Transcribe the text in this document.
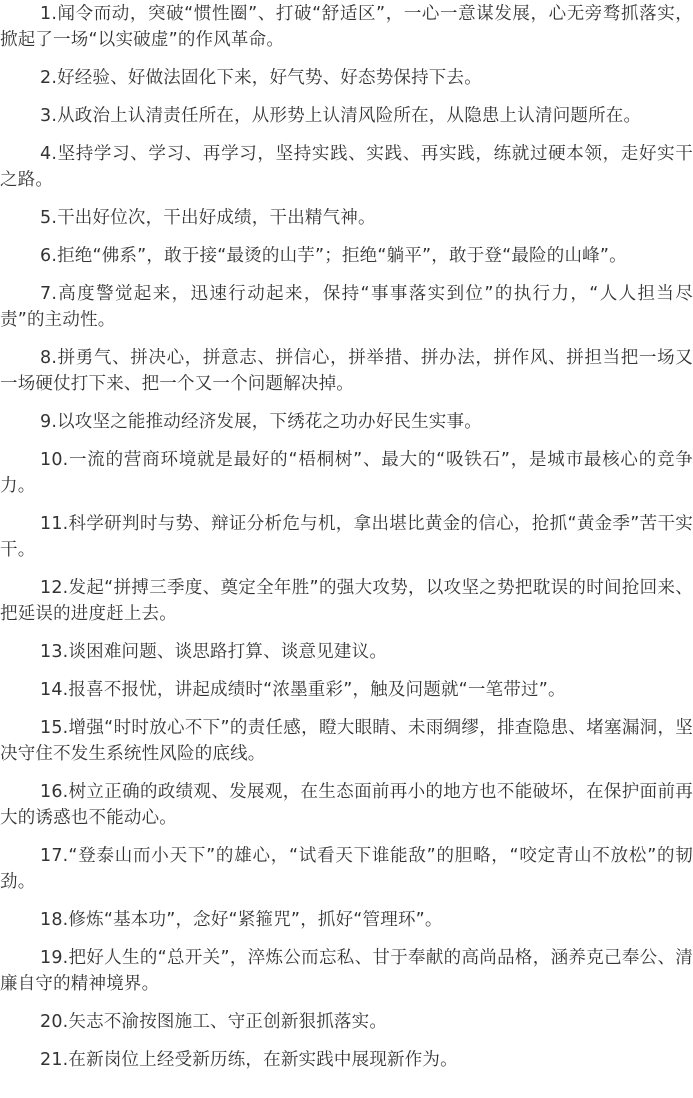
1.闻令而动，突破“惯性圈”、打破“舒适区”，一心一意谋发展，心无旁骛抓落实，掀起了一场“以实破虚”的作风革命。

2.好经验、好做法固化下来，好气势、好态势保持下去。

3.从政治上认清责任所在，从形势上认清风险所在，从隐患上认清问题所在。

4.坚持学习、学习、再学习，坚持实践、实践、再实践，练就过硬本领，走好实干之路。

5.干出好位次，干出好成绩，干出精气神。

6.拒绝“佛系”，敢于接“最烫的山芋”；拒绝“躺平”，敢于登“最险的山峰”。

7.高度警觉起来，迅速行动起来，保持“事事落实到位”的执行力，“人人担当尽责”的主动性。

8.拼勇气、拼决心，拼意志、拼信心，拼举措、拼办法，拼作风、拼担当把一场又一场硬仗打下来、把一个又一个问题解决掉。

9.以攻坚之能推动经济发展，下绣花之功办好民生实事。

10.一流的营商环境就是最好的“梧桐树”、最大的“吸铁石”，是城市最核心的竞争力。

11.科学研判时与势、辩证分析危与机，拿出堪比黄金的信心，抢抓“黄金季”苦干实干。

12.发起“拼搏三季度、奠定全年胜”的强大攻势，以攻坚之势把耽误的时间抢回来、把延误的进度赶上去。

13.谈困难问题、谈思路打算、谈意见建议。

14.报喜不报忧，讲起成绩时“浓墨重彩”，触及问题就“一笔带过”。

15.增强“时时放心不下”的责任感，瞪大眼睛、未雨绸缪，排查隐患、堵塞漏洞，坚决守住不发生系统性风险的底线。

16.树立正确的政绩观、发展观，在生态面前再小的地方也不能破坏，在保护面前再大的诱惑也不能动心。

17.“登泰山而小天下”的雄心，“试看天下谁能敌”的胆略，“咬定青山不放松”的韧劲。

18.修炼“基本功”，念好“紧箍咒”，抓好“管理环”。

19.把好人生的“总开关”，淬炼公而忘私、甘于奉献的高尚品格，涵养克己奉公、清廉自守的精神境界。

20.矢志不渝按图施工、守正创新狠抓落实。

21.在新岗位上经受新历练，在新实践中展现新作为。
